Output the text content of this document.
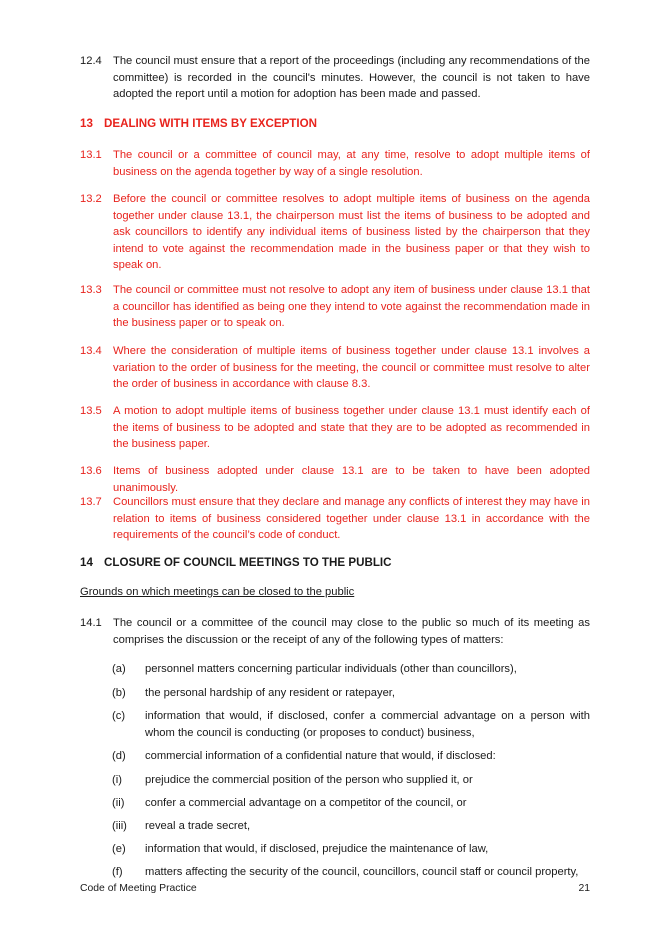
12.4 The council must ensure that a report of the proceedings (including any recommendations of the committee) is recorded in the council's minutes. However, the council is not taken to have adopted the report until a motion for adoption has been made and passed.
13 DEALING WITH ITEMS BY EXCEPTION
13.1 The council or a committee of council may, at any time, resolve to adopt multiple items of business on the agenda together by way of a single resolution.
13.2 Before the council or committee resolves to adopt multiple items of business on the agenda together under clause 13.1, the chairperson must list the items of business to be adopted and ask councillors to identify any individual items of business listed by the chairperson that they intend to vote against the recommendation made in the business paper or that they wish to speak on.
13.3 The council or committee must not resolve to adopt any item of business under clause 13.1 that a councillor has identified as being one they intend to vote against the recommendation made in the business paper or to speak on.
13.4 Where the consideration of multiple items of business together under clause 13.1 involves a variation to the order of business for the meeting, the council or committee must resolve to alter the order of business in accordance with clause 8.3.
13.5 A motion to adopt multiple items of business together under clause 13.1 must identify each of the items of business to be adopted and state that they are to be adopted as recommended in the business paper.
13.6 Items of business adopted under clause 13.1 are to be taken to have been adopted unanimously.
13.7 Councillors must ensure that they declare and manage any conflicts of interest they may have in relation to items of business considered together under clause 13.1 in accordance with the requirements of the council’s code of conduct.
14 CLOSURE OF COUNCIL MEETINGS TO THE PUBLIC
Grounds on which meetings can be closed to the public
14.1 The council or a committee of the council may close to the public so much of its meeting as comprises the discussion or the receipt of any of the following types of matters:
(a) personnel matters concerning particular individuals (other than councillors),
(b) the personal hardship of any resident or ratepayer,
(c) information that would, if disclosed, confer a commercial advantage on a person with whom the council is conducting (or proposes to conduct) business,
(d) commercial information of a confidential nature that would, if disclosed:
(i) prejudice the commercial position of the person who supplied it, or
(ii) confer a commercial advantage on a competitor of the council, or
(iii) reveal a trade secret,
(e) information that would, if disclosed, prejudice the maintenance of law,
(f) matters affecting the security of the council, councillors, council staff or council property,
Code of Meeting Practice	21
